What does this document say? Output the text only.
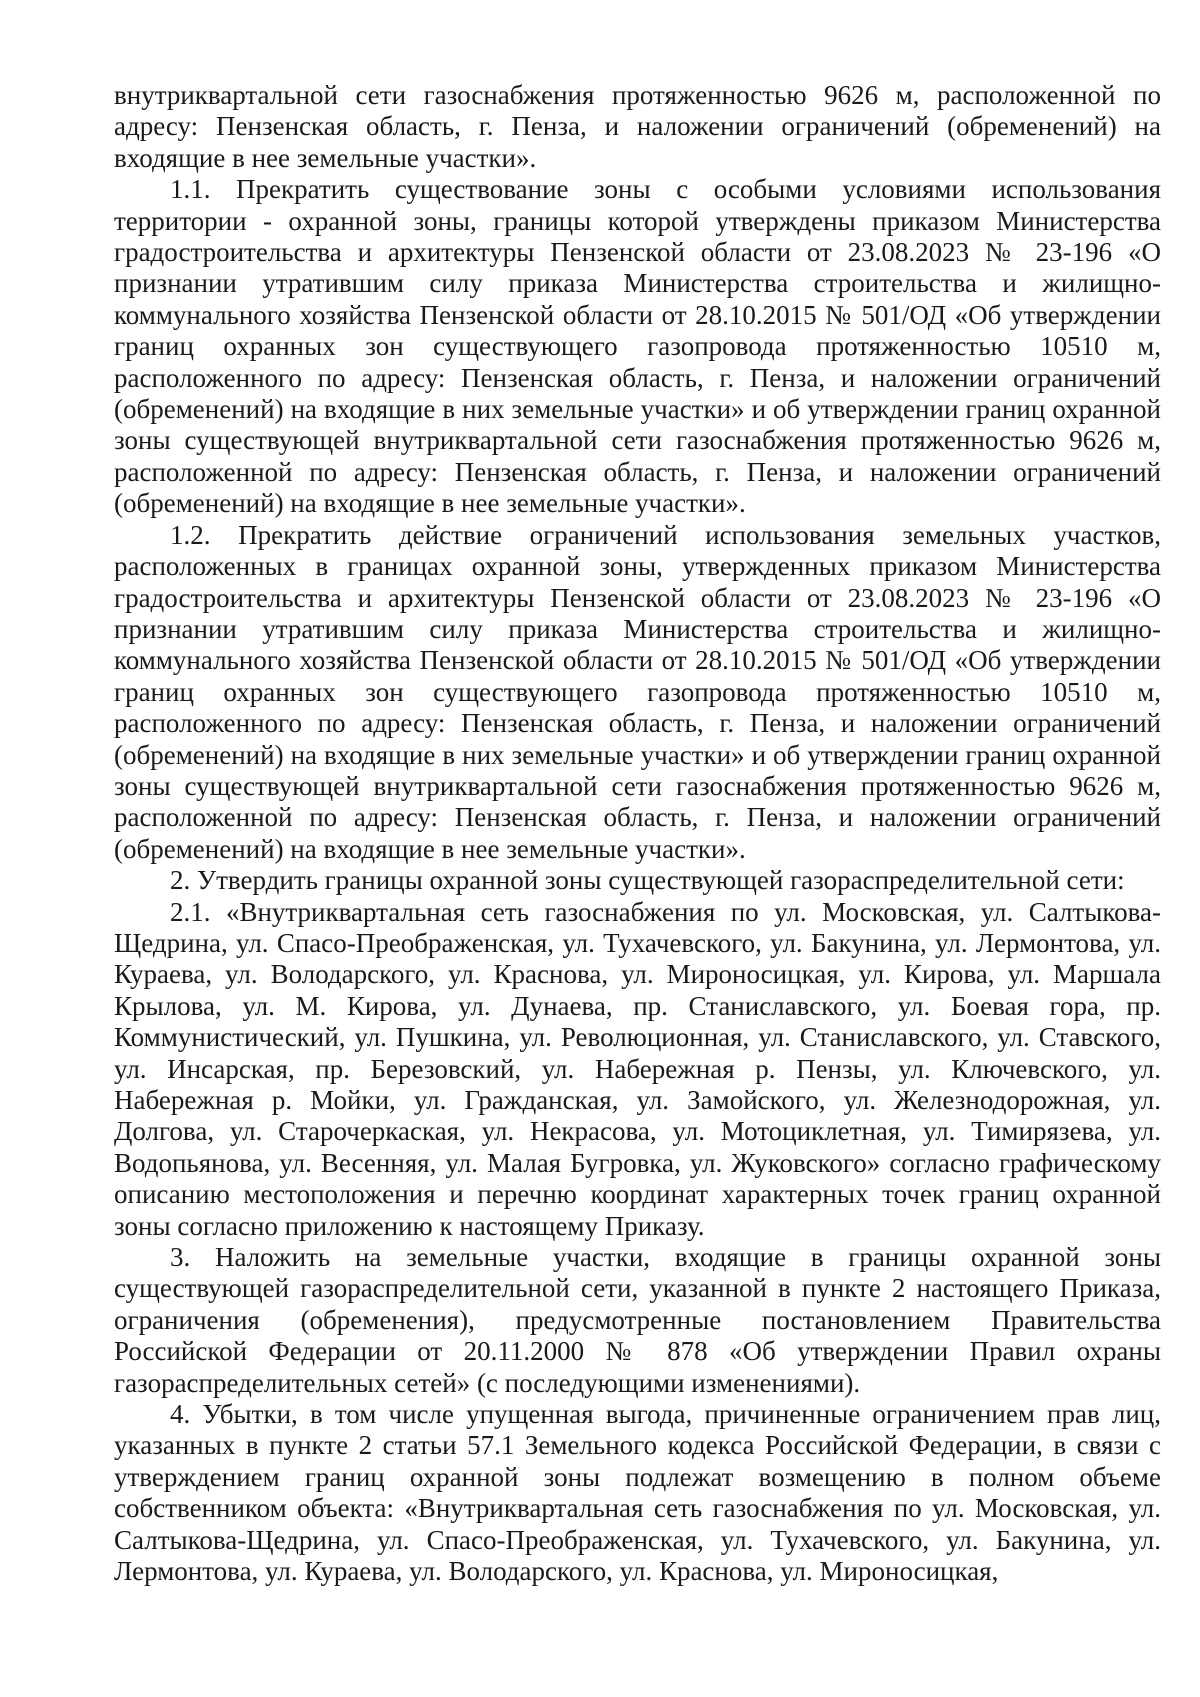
внутриквартальной сети газоснабжения протяженностью 9626 м, расположенной по адресу: Пензенская область, г. Пенза, и наложении ограничений (обременений) на входящие в нее земельные участки».

1.1. Прекратить существование зоны с особыми условиями использования территории - охранной зоны, границы которой утверждены приказом Министерства градостроительства и архитектуры Пензенской области от 23.08.2023 № 23-196 «О признании утратившим силу приказа Министерства строительства и жилищно-коммунального хозяйства Пензенской области от 28.10.2015 № 501/ОД «Об утверждении границ охранных зон существующего газопровода протяженностью 10510 м, расположенного по адресу: Пензенская область, г. Пенза, и наложении ограничений (обременений) на входящие в них земельные участки» и об утверждении границ охранной зоны существующей внутриквартальной сети газоснабжения протяженностью 9626 м, расположенной по адресу: Пензенская область, г. Пенза, и наложении ограничений (обременений) на входящие в нее земельные участки».

1.2. Прекратить действие ограничений использования земельных участков, расположенных в границах охранной зоны, утвержденных приказом Министерства градостроительства и архитектуры Пензенской области от 23.08.2023 № 23-196 «О признании утратившим силу приказа Министерства строительства и жилищно-коммунального хозяйства Пензенской области от 28.10.2015 № 501/ОД «Об утверждении границ охранных зон существующего газопровода протяженностью 10510 м, расположенного по адресу: Пензенская область, г. Пенза, и наложении ограничений (обременений) на входящие в них земельные участки» и об утверждении границ охранной зоны существующей внутриквартальной сети газоснабжения протяженностью 9626 м, расположенной по адресу: Пензенская область, г. Пенза, и наложении ограничений (обременений) на входящие в нее земельные участки».

2. Утвердить границы охранной зоны существующей газораспределительной сети:

2.1. «Внутриквартальная сеть газоснабжения по ул. Московская, ул. Салтыкова-Щедрина, ул. Спасо-Преображенская, ул. Тухачевского, ул. Бакунина, ул. Лермонтова, ул. Кураева, ул. Володарского, ул. Краснова, ул. Мироносицкая, ул. Кирова, ул. Маршала Крылова, ул. М. Кирова, ул. Дунаева, пр. Станиславского, ул. Боевая гора, пр. Коммунистический, ул. Пушкина, ул. Революционная, ул. Станиславского, ул. Ставского, ул. Инсарская, пр. Березовский, ул. Набережная р. Пензы, ул. Ключевского, ул. Набережная р. Мойки, ул. Гражданская, ул. Замойского, ул. Железнодорожная, ул. Долгова, ул. Старочеркаская, ул. Некрасова, ул. Мотоциклетная, ул. Тимирязева, ул. Водопьянова, ул. Весенняя, ул. Малая Бугровка, ул. Жуковского» согласно графическому описанию местоположения и перечню координат характерных точек границ охранной зоны согласно приложению к настоящему Приказу.

3. Наложить на земельные участки, входящие в границы охранной зоны существующей газораспределительной сети, указанной в пункте 2 настоящего Приказа, ограничения (обременения), предусмотренные постановлением Правительства Российской Федерации от 20.11.2000 № 878 «Об утверждении Правил охраны газораспределительных сетей» (с последующими изменениями).

4. Убытки, в том числе упущенная выгода, причиненные ограничением прав лиц, указанных в пункте 2 статьи 57.1 Земельного кодекса Российской Федерации, в связи с утверждением границ охранной зоны подлежат возмещению в полном объеме собственником объекта: «Внутриквартальная сеть газоснабжения по ул. Московская, ул. Салтыкова-Щедрина, ул. Спасо-Преображенская, ул. Тухачевского, ул. Бакунина, ул. Лермонтова, ул. Кураева, ул. Володарского, ул. Краснова, ул. Мироносицкая,
